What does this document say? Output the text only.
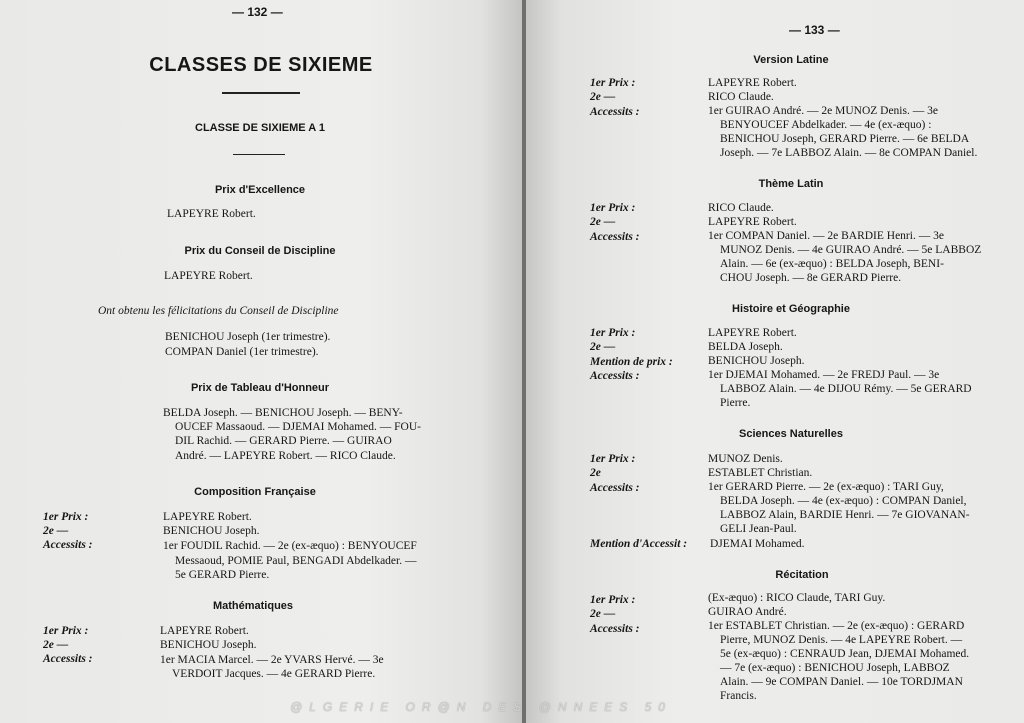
— 132 —
CLASSES DE SIXIEME
CLASSE DE SIXIEME A 1
Prix d'Excellence
LAPEYRE Robert.
Prix du Conseil de Discipline
LAPEYRE Robert.
Ont obtenu les félicitations du Conseil de Discipline
BENICHOU Joseph (1er trimestre).
COMPAN Daniel (1er trimestre).
Prix de Tableau d'Honneur
BELDA Joseph. — BENICHOU Joseph. — BENY-
OUCEF Massaoud. — DJEMAI Mohamed. — FOU-
DIL Rachid. — GERARD Pierre. — GUIRAO
André. — LAPEYRE Robert. — RICO Claude.
Composition Française
1er Prix :
2e —
Accessits :
LAPEYRE Robert.
BENICHOU Joseph.
1er FOUDIL Rachid. — 2e (ex-æquo) : BENYOUCEF
Messaoud, POMIE Paul, BENGADI Abdelkader. —
5e GERARD Pierre.
Mathématiques
1er Prix :
2e —
Accessits :
LAPEYRE Robert.
BENICHOU Joseph.
1er MACIA Marcel. — 2e YVARS Hervé. — 3e
VERDOIT Jacques. — 4e GERARD Pierre.
— 133 —
Version Latine
1er Prix :
2e —
Accessits :
LAPEYRE Robert.
RICO Claude.
1er GUIRAO André. — 2e MUNOZ Denis. — 3e
BENYOUCEF Abdelkader. — 4e (ex-æquo) :
BENICHOU Joseph, GERARD Pierre. — 6e BELDA
Joseph. — 7e LABBOZ Alain. — 8e COMPAN Daniel.
Thème Latin
1er Prix :
2e —
Accessits :
RICO Claude.
LAPEYRE Robert.
1er COMPAN Daniel. — 2e BARDIE Henri. — 3e
MUNOZ Denis. — 4e GUIRAO André. — 5e LABBOZ
Alain. — 6e (ex-æquo) : BELDA Joseph, BENI-
CHOU Joseph. — 8e GERARD Pierre.
Histoire et Géographie
1er Prix :
2e —
Mention de prix :
Accessits :
LAPEYRE Robert.
BELDA Joseph.
BENICHOU Joseph.
1er DJEMAI Mohamed. — 2e FREDJ Paul. — 3e
LABBOZ Alain. — 4e DIJOU Rémy. — 5e GERARD
Pierre.
Sciences Naturelles
1er Prix :
2e
Accessits :
Mention d'Accessit :
MUNOZ Denis.
ESTABLET Christian.
1er GERARD Pierre. — 2e (ex-æquo) : TARI Guy,
BELDA Joseph. — 4e (ex-æquo) : COMPAN Daniel,
LABBOZ Alain, BARDIE Henri. — 7e GIOVANAN-
GELI Jean-Paul.
DJEMAI Mohamed.
Récitation
1er Prix :
2e —
Accessits :
(Ex-æquo) : RICO Claude, TARI Guy.
GUIRAO André.
1er ESTABLET Christian. — 2e (ex-æquo) : GERARD
Pierre, MUNOZ Denis. — 4e LAPEYRE Robert. —
5e (ex-æquo) : CENRAUD Jean, DJEMAI Mohamed.
— 7e (ex-æquo) : BENICHOU Joseph, LABBOZ
Alain. — 9e COMPAN Daniel. — 10e TORDJMAN
Francis.
@LGERIE OR@N DES @NNEES 50
